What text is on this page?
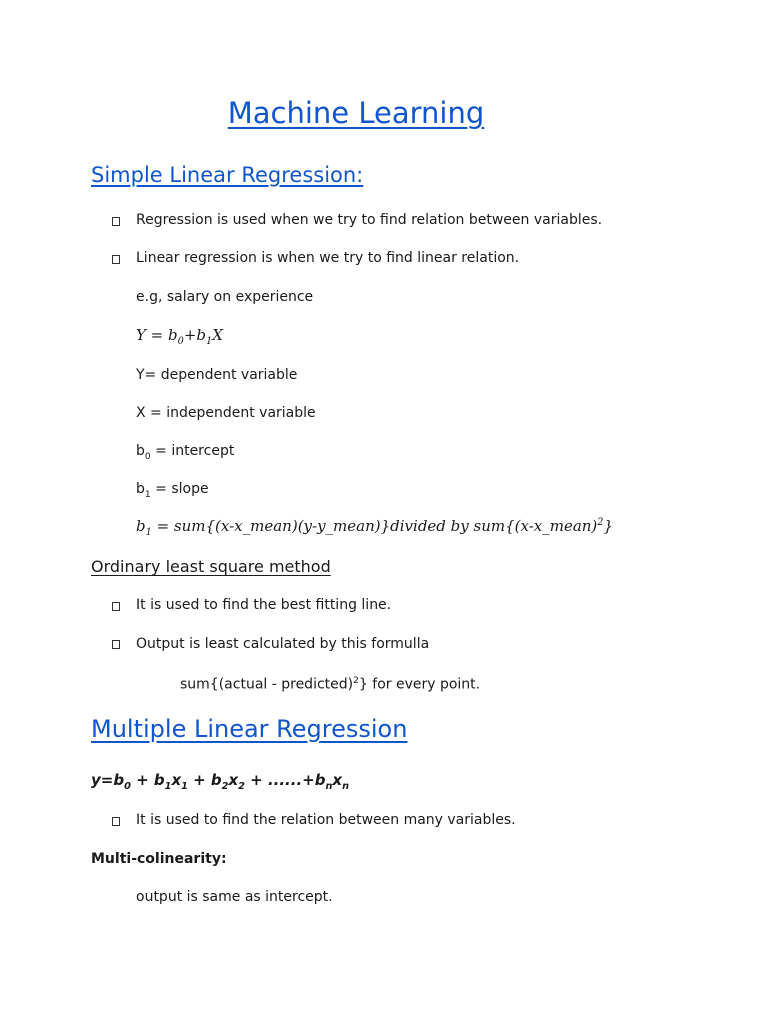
Machine Learning
Simple Linear Regression:
Regression is used when we try to find relation between variables.
Linear regression is when we try to find linear relation.
e.g, salary on experience
$Y = b_0+b_1X$
Y= dependent variable
X = independent variable
$b_0$ = intercept
$b_1$ = slope
$b_1$ = sum{(x-x_mean)(y-y_mean)}divided by sum{(x-x_mean)$^2$}
Ordinary least square method
It is used to find the best fitting line.
Output is least calculated by this formulla
sum{(actual - predicted)$^2$} for every point.
Multiple Linear Regression
$y=b_0 + b_1x_1 + b_2x_2 + ......+b_nx_n$
It is used to find the relation between many variables.
Multi-colinearity:
output is same as intercept.
